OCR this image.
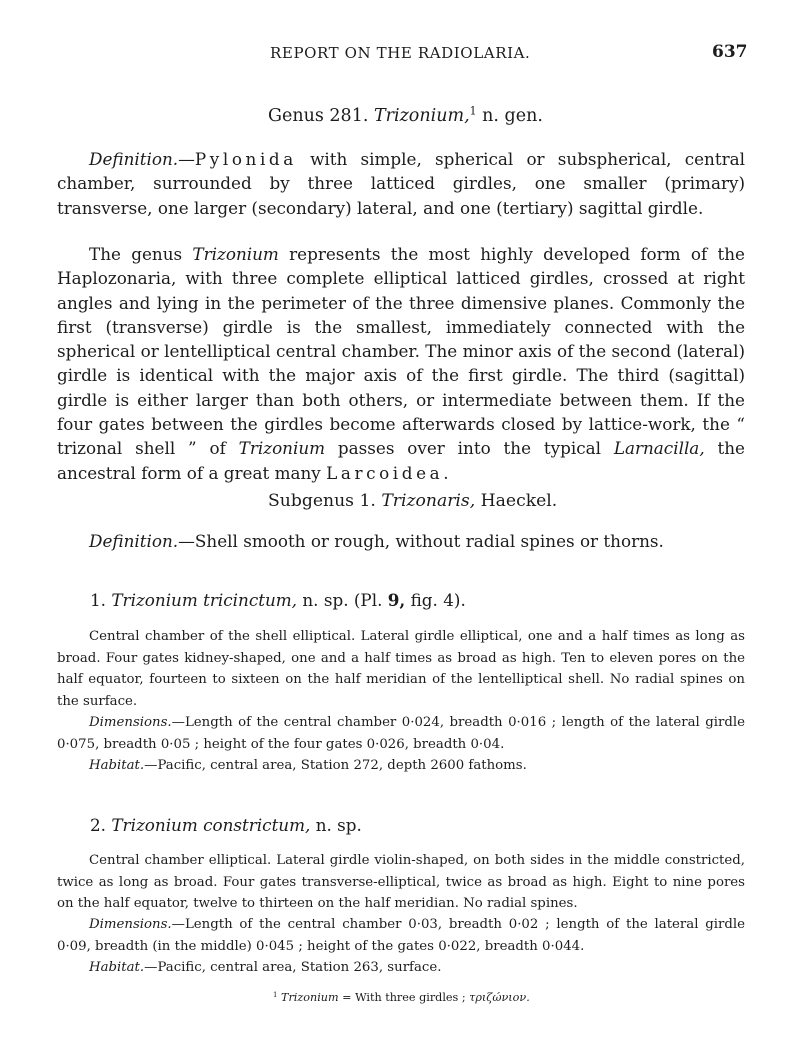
REPORT ON THE RADIOLARIA.	637
Genus 281. Trizonium,$^1$ n. gen.
Definition.—Pylonida with simple, spherical or subspherical, central chamber, surrounded by three latticed girdles, one smaller (primary) transverse, one larger (secondary) lateral, and one (tertiary) sagittal girdle.
The genus Trizonium represents the most highly developed form of the Haplozonaria, with three complete elliptical latticed girdles, crossed at right angles and lying in the perimeter of the three dimensive planes. Commonly the first (transverse) girdle is the smallest, immediately connected with the spherical or lentelliptical central chamber. The minor axis of the second (lateral) girdle is identical with the major axis of the first girdle. The third (sagittal) girdle is either larger than both others, or intermediate between them. If the four gates between the girdles become afterwards closed by lattice-work, the “ trizonal shell ” of Trizonium passes over into the typical Larnacilla, the ancestral form of a great many Larcoidea.
Subgenus 1. Trizonaris, Haeckel.
Definition.—Shell smooth or rough, without radial spines or thorns.
1. Trizonium tricinctum, n. sp. (Pl. 9, fig. 4).
Central chamber of the shell elliptical. Lateral girdle elliptical, one and a half times as long as broad. Four gates kidney-shaped, one and a half times as broad as high. Ten to eleven pores on the half equator, fourteen to sixteen on the half meridian of the lentelliptical shell. No radial spines on the surface.
Dimensions.—Length of the central chamber 0·024, breadth 0·016 ; length of the lateral girdle 0·075, breadth 0·05 ; height of the four gates 0·026, breadth 0·04.
Habitat.—Pacific, central area, Station 272, depth 2600 fathoms.
2. Trizonium constrictum, n. sp.
Central chamber elliptical. Lateral girdle violin-shaped, on both sides in the middle constricted, twice as long as broad. Four gates transverse-elliptical, twice as broad as high. Eight to nine pores on the half equator, twelve to thirteen on the half meridian. No radial spines.
Dimensions.—Length of the central chamber 0·03, breadth 0·02 ; length of the lateral girdle 0·09, breadth (in the middle) 0·045 ; height of the gates 0·022, breadth 0·044.
Habitat.—Pacific, central area, Station 263, surface.
$^1$ Trizonium = With three girdles ; τριζώνιον.
